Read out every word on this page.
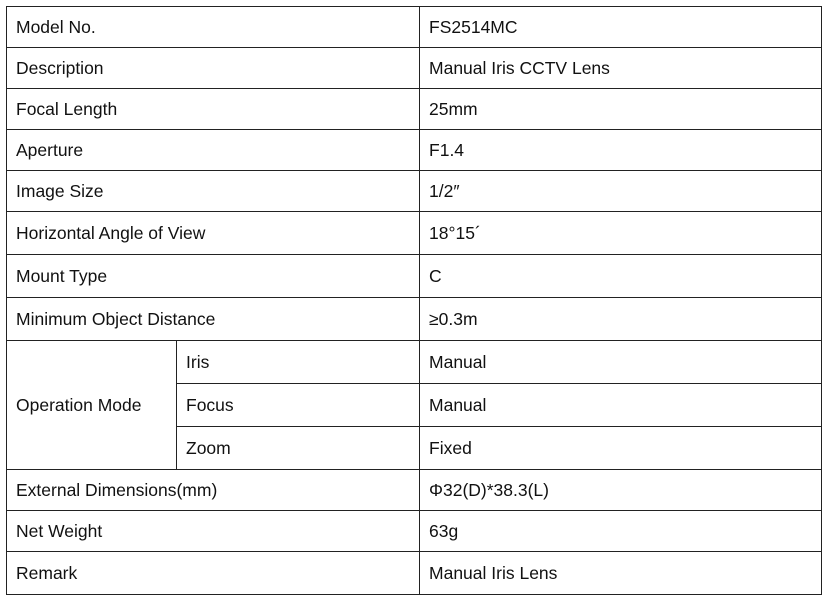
Model No.		FS2514MC
Description		Manual Iris CCTV Lens
Focal Length		25mm
Aperture		F1.4
Image Size		1/2″
Horizontal Angle of View		18°15´
Mount Type		C
Minimum Object Distance		≥0.3m
Operation Mode	Iris	Manual
	Focus	Manual
	Zoom	Fixed
External Dimensions(mm)		Φ32(D)*38.3(L)
Net Weight		63g
Remark		Manual Iris Lens
